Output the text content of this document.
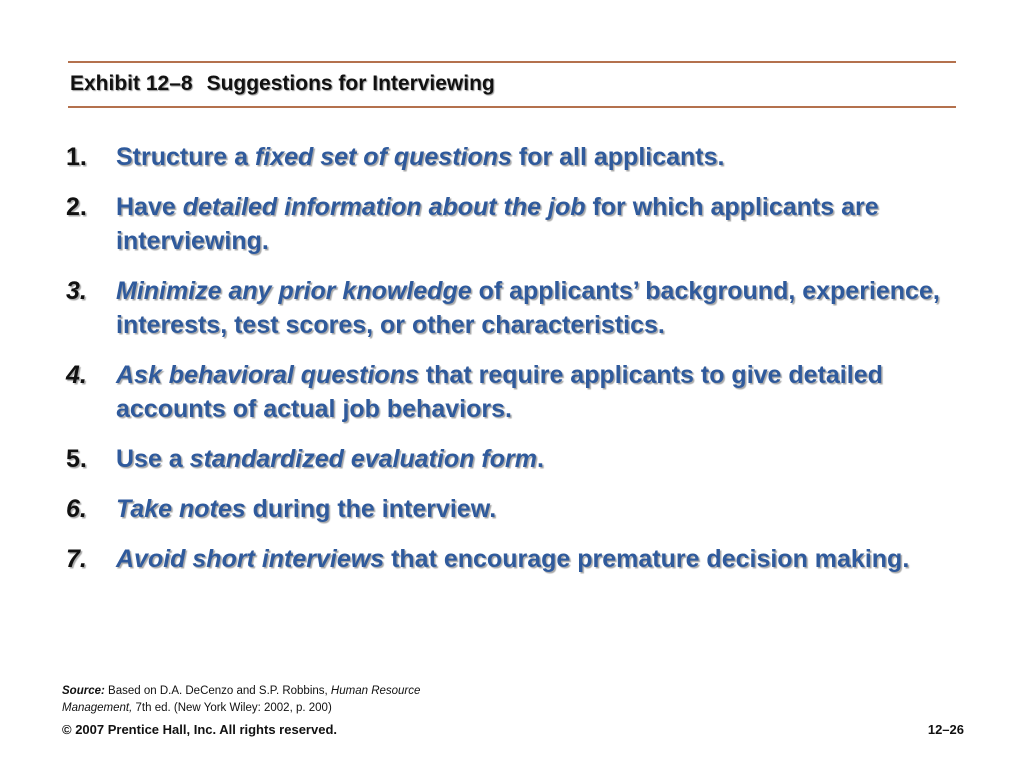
Exhibit 12–8 Suggestions for Interviewing
1.	Structure a fixed set of questions for all applicants.
2.	Have detailed information about the job for which applicants are interviewing.
3.	Minimize any prior knowledge of applicants’ background, experience, interests, test scores, or other characteristics.
4.	Ask behavioral questions that require applicants to give detailed accounts of actual job behaviors.
5.	Use a standardized evaluation form.
6.	Take notes during the interview.
7.	Avoid short interviews that encourage premature decision making.
Source: Based on D.A. DeCenzo and S.P. Robbins, Human Resource Management, 7th ed. (New York Wiley: 2002, p. 200)
© 2007 Prentice Hall, Inc. All rights reserved.	12–26
